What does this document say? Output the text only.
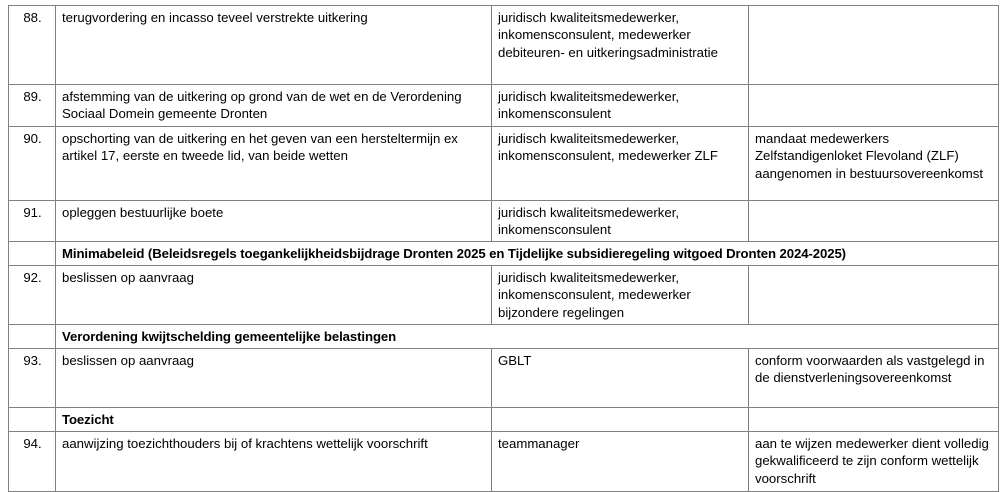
88.	terugvordering en incasso teveel verstrekte uitkering	juridisch kwaliteitsmedewerker, inkomensconsulent, medewerker debiteuren- en uitkeringsadministratie	
89.	afstemming van de uitkering op grond van de wet en de Verordening Sociaal Domein gemeente Dronten	juridisch kwaliteitsmedewerker, inkomensconsulent	
90.	opschorting van de uitkering en het geven van een hersteltermijn ex artikel 17, eerste en tweede lid, van beide wetten	juridisch kwaliteitsmedewerker, inkomensconsulent, medewerker ZLF	mandaat medewerkers Zelfstandigenloket Flevoland (ZLF) aangenomen in bestuursovereenkomst
91.	opleggen bestuurlijke boete	juridisch kwaliteitsmedewerker, inkomensconsulent	
	Minimabeleid (Beleidsregels toegankelijkheidsbijdrage Dronten 2025 en Tijdelijke subsidieregeling witgoed Dronten 2024-2025)		
92.	beslissen op aanvraag	juridisch kwaliteitsmedewerker, inkomensconsulent, medewerker bijzondere regelingen	
	Verordening kwijtschelding gemeentelijke belastingen		
93.	beslissen op aanvraag	GBLT	conform voorwaarden als vastgelegd in de dienstverleningsovereenkomst
	Toezicht		
94.	aanwijzing toezichthouders bij of krachtens wettelijk voorschrift	teammanager	aan te wijzen medewerker dient volledig gekwalificeerd te zijn conform wettelijk voorschrift
